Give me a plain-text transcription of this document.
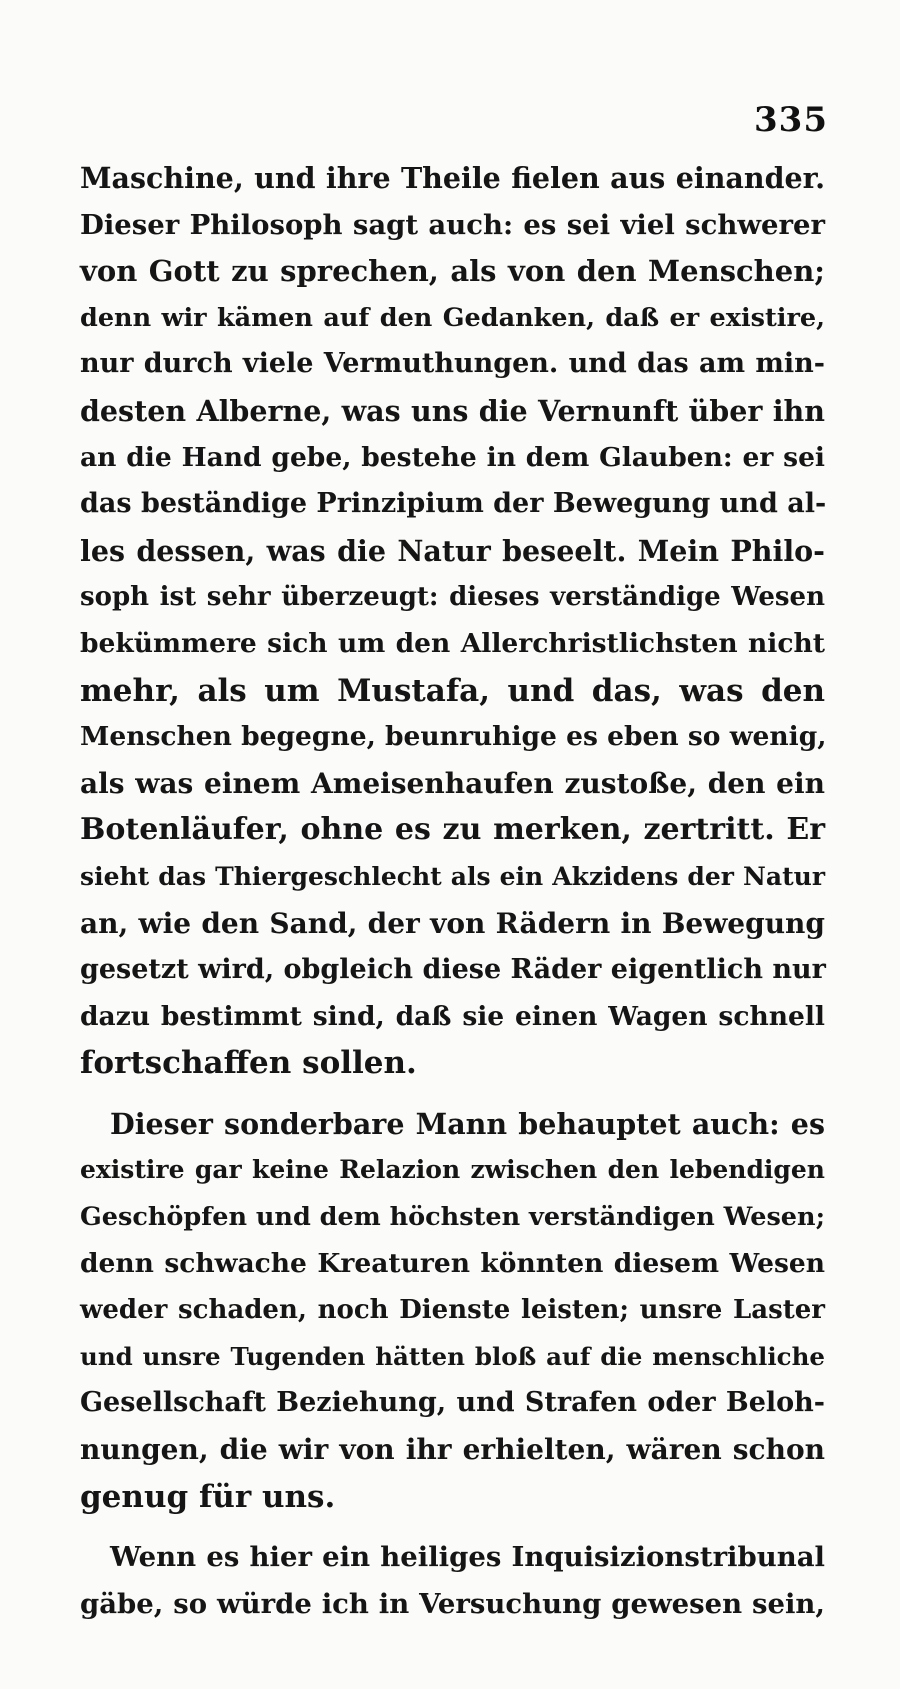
335
Maschine, und ihre Theile fielen aus einander.
Dieser Philosoph sagt auch: es sei viel schwerer
von Gott zu sprechen, als von den Menschen;
denn wir kämen auf den Gedanken, daß er existire,
nur durch viele Vermuthungen. und das am min-
desten Alberne, was uns die Vernunft über ihn
an die Hand gebe, bestehe in dem Glauben: er sei
das beständige Prinzipium der Bewegung und al-
les dessen, was die Natur beseelt. Mein Philo-
soph ist sehr überzeugt: dieses verständige Wesen
bekümmere sich um den Allerchristlichsten nicht
mehr, als um Mustafa, und das, was den
Menschen begegne, beunruhige es eben so wenig,
als was einem Ameisenhaufen zustoße, den ein
Botenläufer, ohne es zu merken, zertritt. Er
sieht das Thiergeschlecht als ein Akzidens der Natur
an, wie den Sand, der von Rädern in Bewegung
gesetzt wird, obgleich diese Räder eigentlich nur
dazu bestimmt sind, daß sie einen Wagen schnell
fortschaffen sollen.
Dieser sonderbare Mann behauptet auch: es
existire gar keine Relazion zwischen den lebendigen
Geschöpfen und dem höchsten verständigen Wesen;
denn schwache Kreaturen könnten diesem Wesen
weder schaden, noch Dienste leisten; unsre Laster
und unsre Tugenden hätten bloß auf die menschliche
Gesellschaft Beziehung, und Strafen oder Beloh-
nungen, die wir von ihr erhielten, wären schon
genug für uns.
Wenn es hier ein heiliges Inquisizionstribunal
gäbe, so würde ich in Versuchung gewesen sein,
